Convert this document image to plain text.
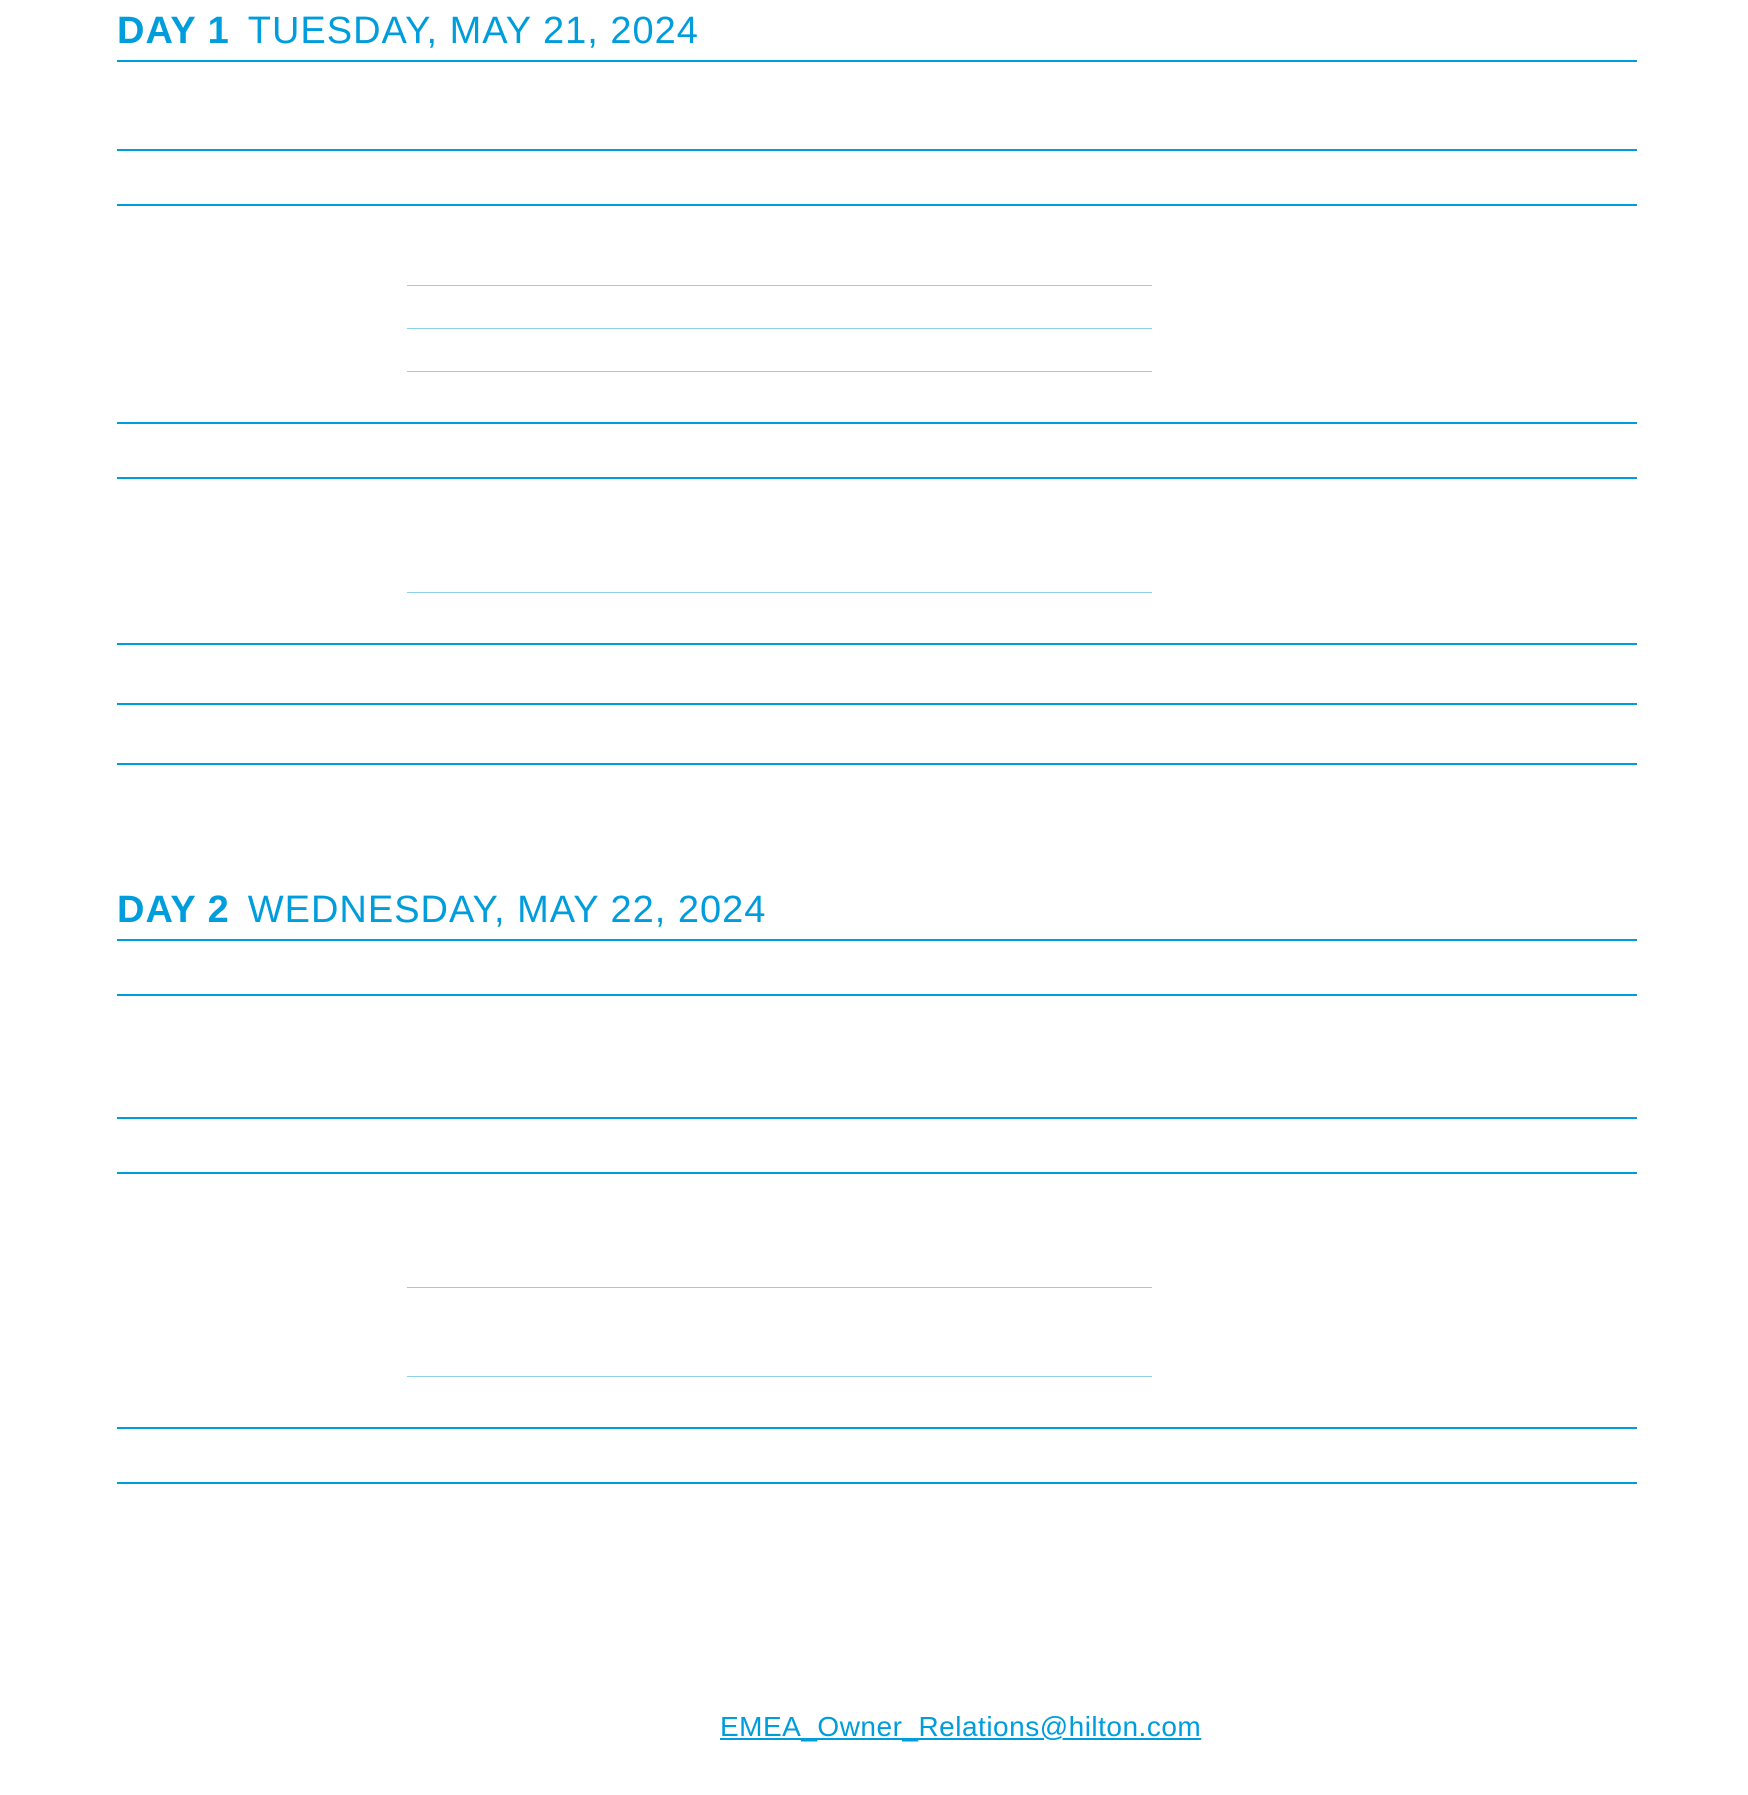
DAY 1 TUESDAY, MAY 21, 2024
DAY 2 WEDNESDAY, MAY 22, 2024
EMEA_Owner_Relations@hilton.com
